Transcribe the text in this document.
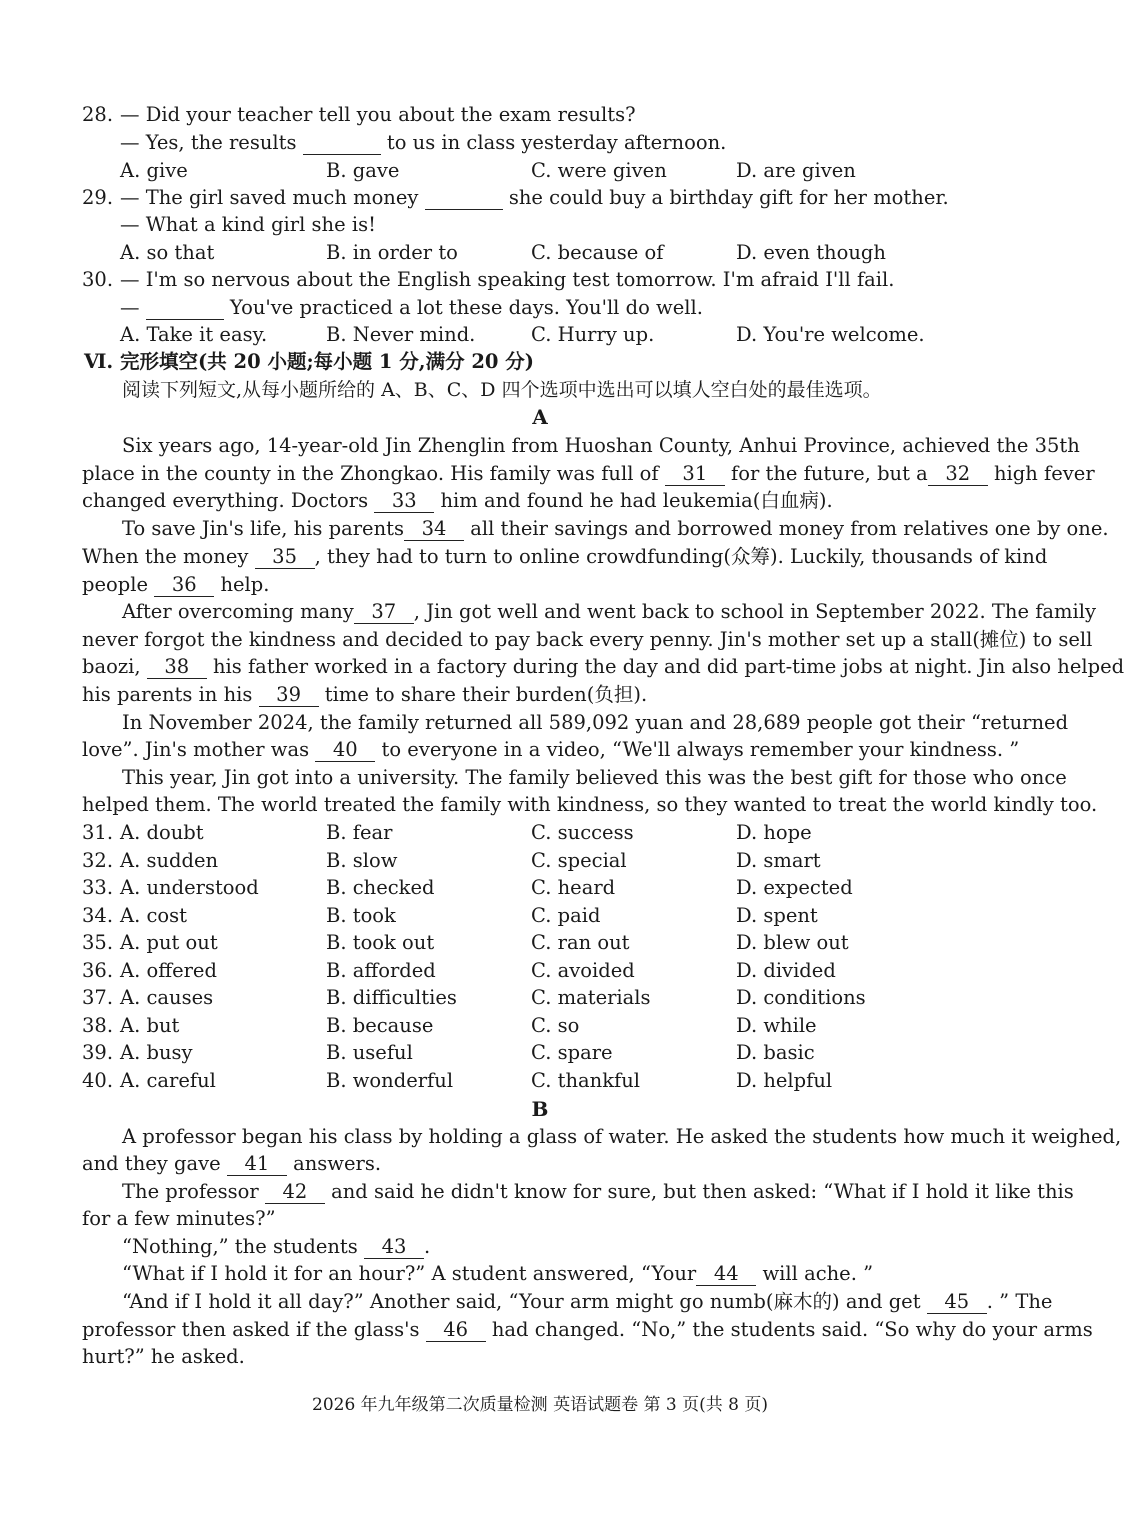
28. — Did your teacher tell you about the exam results?
— Yes, the results	to us in class yesterday afternoon.
A. give	B. gave	C. were given	D. are given
29. — The girl saved much money	she could buy a birthday gift for her mother.
— What a kind girl she is!
A. so that	B. in order to	C. because of	D. even though
30. — I'm so nervous about the English speaking test tomorrow. I'm afraid I'll fail.
—	You've practiced a lot these days. You'll do well.
A. Take it easy.	B. Never mind.	C. Hurry up.	D. You're welcome.
Ⅵ. 完形填空(共 20 小题;每小题 1 分,满分 20 分)
阅读下列短文,从每小题所给的 A、B、C、D 四个选项中选出可以填人空白处的最佳选项。
A
Six years ago, 14-year-old Jin Zhenglin from Huoshan County, Anhui Province, achieved the 35th
place in the county in the Zhongkao. His family was full of 31 for the future, but a 32 high fever
changed everything. Doctors 33 him and found he had leukemia(白血病).
To save Jin's life, his parents 34 all their savings and borrowed money from relatives one by one.
When the money 35 , they had to turn to online crowdfunding(众筹). Luckily, thousands of kind
people 36 help.
After overcoming many 37 , Jin got well and went back to school in September 2022. The family
never forgot the kindness and decided to pay back every penny. Jin's mother set up a stall(摊位) to sell
baozi, 38 his father worked in a factory during the day and did part-time jobs at night. Jin also helped
his parents in his 39 time to share their burden(负担).
In November 2024, the family returned all 589,092 yuan and 28,689 people got their “returned
love”. Jin's mother was 40 to everyone in a video, “We'll always remember your kindness. ”
This year, Jin got into a university. The family believed this was the best gift for those who once
helped them. The world treated the family with kindness, so they wanted to treat the world kindly too.
31. A. doubt	B. fear	C. success	D. hope
32. A. sudden	B. slow	C. special	D. smart
33. A. understood	B. checked	C. heard	D. expected
34. A. cost	B. took	C. paid	D. spent
35. A. put out	B. took out	C. ran out	D. blew out
36. A. offered	B. afforded	C. avoided	D. divided
37. A. causes	B. difficulties	C. materials	D. conditions
38. A. but	B. because	C. so	D. while
39. A. busy	B. useful	C. spare	D. basic
40. A. careful	B. wonderful	C. thankful	D. helpful
B
A professor began his class by holding a glass of water. He asked the students how much it weighed,
and they gave 41 answers.
The professor 42 and said he didn't know for sure, but then asked: “What if I hold it like this
for a few minutes?”
“Nothing,” the students 43 .
“What if I hold it for an hour?” A student answered, “Your 44 will ache. ”
“And if I hold it all day?” Another said, “Your arm might go numb(麻木的) and get 45 . ” The
professor then asked if the glass's 46 had changed. “No,” the students said. “So why do your arms
hurt?” he asked.
2026 年九年级第二次质量检测 英语试题卷 第 3 页(共 8 页)
